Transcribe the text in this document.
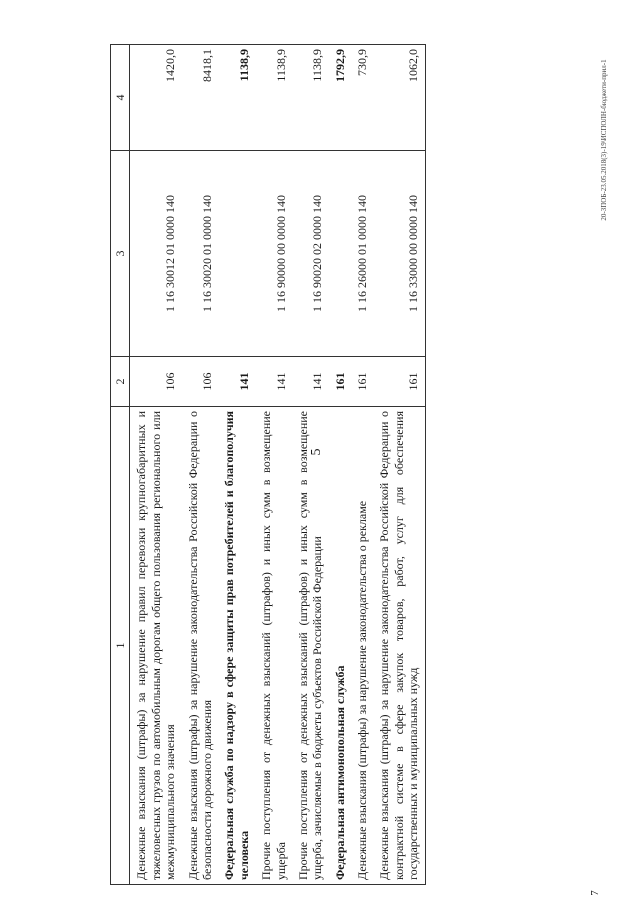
5
20-ЗПОБ-23.05.2018(3)-19\ИСПОЛН-бюджети-прил-1
7
1	2	3	4
Денежные взыскания (штрафы) за нарушение правил перевозки крупногабаритных и тяжеловесных грузов по автомобильным дорогам общего пользования регионального или межмуниципального значения	106	1 16 30012 01 0000 140	1420,0
Денежные взыскания (штрафы) за нарушение законодательства Российской Федерации о безопасности дорожного движения	106	1 16 30020 01 0000 140	8418,1
Федеральная служба по надзору в сфере защиты прав потребителей и благополучия человека	141		1138,9
Прочие поступления от денежных взысканий (штрафов) и иных сумм в возмещение ущерба	141	1 16 90000 00 0000 140	1138,9
Прочие поступления от денежных взысканий (штрафов) и иных сумм в возмещение ущерба, зачисляемые в бюджеты субъектов Российской Федерации	141	1 16 90020 02 0000 140	1138,9
Федеральная антимонопольная служба	161		1792,9
Денежные взыскания (штрафы) за нарушение законодательства о рекламе	161	1 16 26000 01 0000 140	730,9
Денежные взыскания (штрафы) за нарушение законодательства Российской Федерации о контрактной системе в сфере закупок товаров, работ, услуг для обеспечения государственных и муниципальных нужд	161	1 16 33000 00 0000 140	1062,0
